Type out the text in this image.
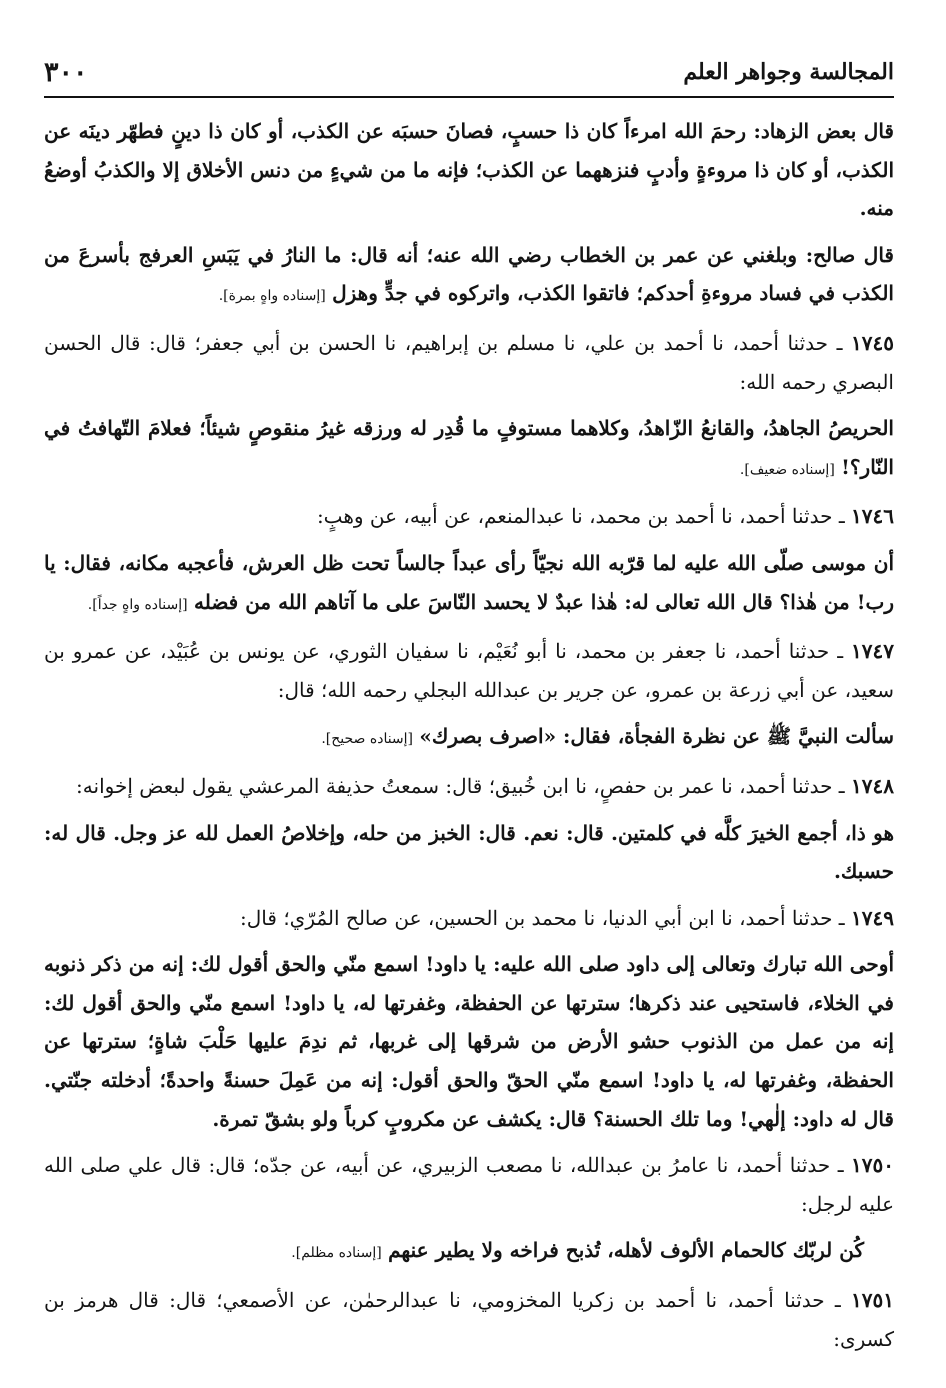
المجالسة وجواهر العلم
٣٠٠

قال بعض الزهاد: رحمَ الله امرءاً كان ذا حسبٍ، فصانَ حسبَه عن الكذب، أو كان ذا دينٍ فطهّر دينَه عن الكذب، أو كان ذا مروءةٍ وأدبٍ فنزههما عن الكذب؛ فإنه ما من شيءٍ من دنس الأخلاق إلا والكذبُ أوضعُ منه.

قال صالح: وبلغني عن عمر بن الخطاب رضي الله عنه؛ أنه قال: ما النارُ في يَبَسِ العرفج بأسرعَ من الكذب في فساد مروءةِ أحدكم؛ فاتقوا الكذب، واتركوه في جدٍّ وهزل [إسناده واهٍ بمرة].

١٧٤٥ ـ حدثنا أحمد، نا أحمد بن علي، نا مسلم بن إبراهيم، نا الحسن بن أبي جعفر؛ قال: قال الحسن البصري رحمه الله:

الحريصُ الجاهدُ، والقانعُ الزّاهدُ، وكلاهما مستوفٍ ما قُدِر له ورزقه غيرُ منقوصٍ شيئاً؛ فعلامَ التّهافتُ في النّار؟! [إسناده ضعيف].

١٧٤٦ ـ حدثنا أحمد، نا أحمد بن محمد، نا عبدالمنعم، عن أبيه، عن وهبٍ:

أن موسى صلّى الله عليه لما قرّبه الله نجيّاً رأى عبداً جالساً تحت ظل العرش، فأعجبه مكانه، فقال: يا رب! من هٰذا؟ قال الله تعالى له: هٰذا عبدٌ لا يحسد النّاسَ على ما آتاهم الله من فضله [إسناده واهٍ جداً].

١٧٤٧ ـ حدثنا أحمد، نا جعفر بن محمد، نا أبو نُعَيْم، نا سفيان الثوري، عن يونس بن عُبَيْد، عن عمرو بن سعيد، عن أبي زرعة بن عمرو، عن جرير بن عبدالله البجلي رحمه الله؛ قال:

سألت النبيَّ ﷺ عن نظرة الفجأة، فقال: «اصرف بصرك» [إسناده صحيح].

١٧٤٨ ـ حدثنا أحمد، نا عمر بن حفصٍ، نا ابن خُبيق؛ قال: سمعتُ حذيفة المرعشي يقول لبعض إخوانه:

هو ذا، أجمع الخيرَ كلَّه في كلمتين. قال: نعم. قال: الخبز من حله، وإخلاصُ العمل لله عز وجل. قال له: حسبك.

١٧٤٩ ـ حدثنا أحمد، نا ابن أبي الدنيا، نا محمد بن الحسين، عن صالح المُرّي؛ قال:

أوحى الله تبارك وتعالى إلى داود صلى الله عليه: يا داود! اسمع منّي والحق أقول لك: إنه من ذكر ذنوبه في الخلاء، فاستحيى عند ذكرها؛ سترتها عن الحفظة، وغفرتها له، يا داود! اسمع منّي والحق أقول لك: إنه من عمل من الذنوب حشو الأرض من شرقها إلى غربها، ثم ندِمَ عليها حَلْبَ شاةٍ؛ سترتها عن الحفظة، وغفرتها له، يا داود! اسمع منّي الحقّ والحق أقول: إنه من عَمِلَ حسنةً واحدةً؛ أدخلته جنّتي. قال له داود: إلٰهي! وما تلك الحسنة؟ قال: يكشف عن مكروبٍ كرباً ولو بشقّ تمرة.

١٧٥٠ ـ حدثنا أحمد، نا عامرُ بن عبدالله، نا مصعب الزبيري، عن أبيه، عن جدّه؛ قال: قال علي صلى الله عليه لرجل:

كُن لربّك كالحمام الألوف لأهله، تُذبح فراخه ولا يطير عنهم [إسناده مظلم].

١٧٥١ ـ حدثنا أحمد، نا أحمد بن زكريا المخزومي، نا عبدالرحمٰن، عن الأصمعي؛ قال: قال هرمز بن كسرى:
